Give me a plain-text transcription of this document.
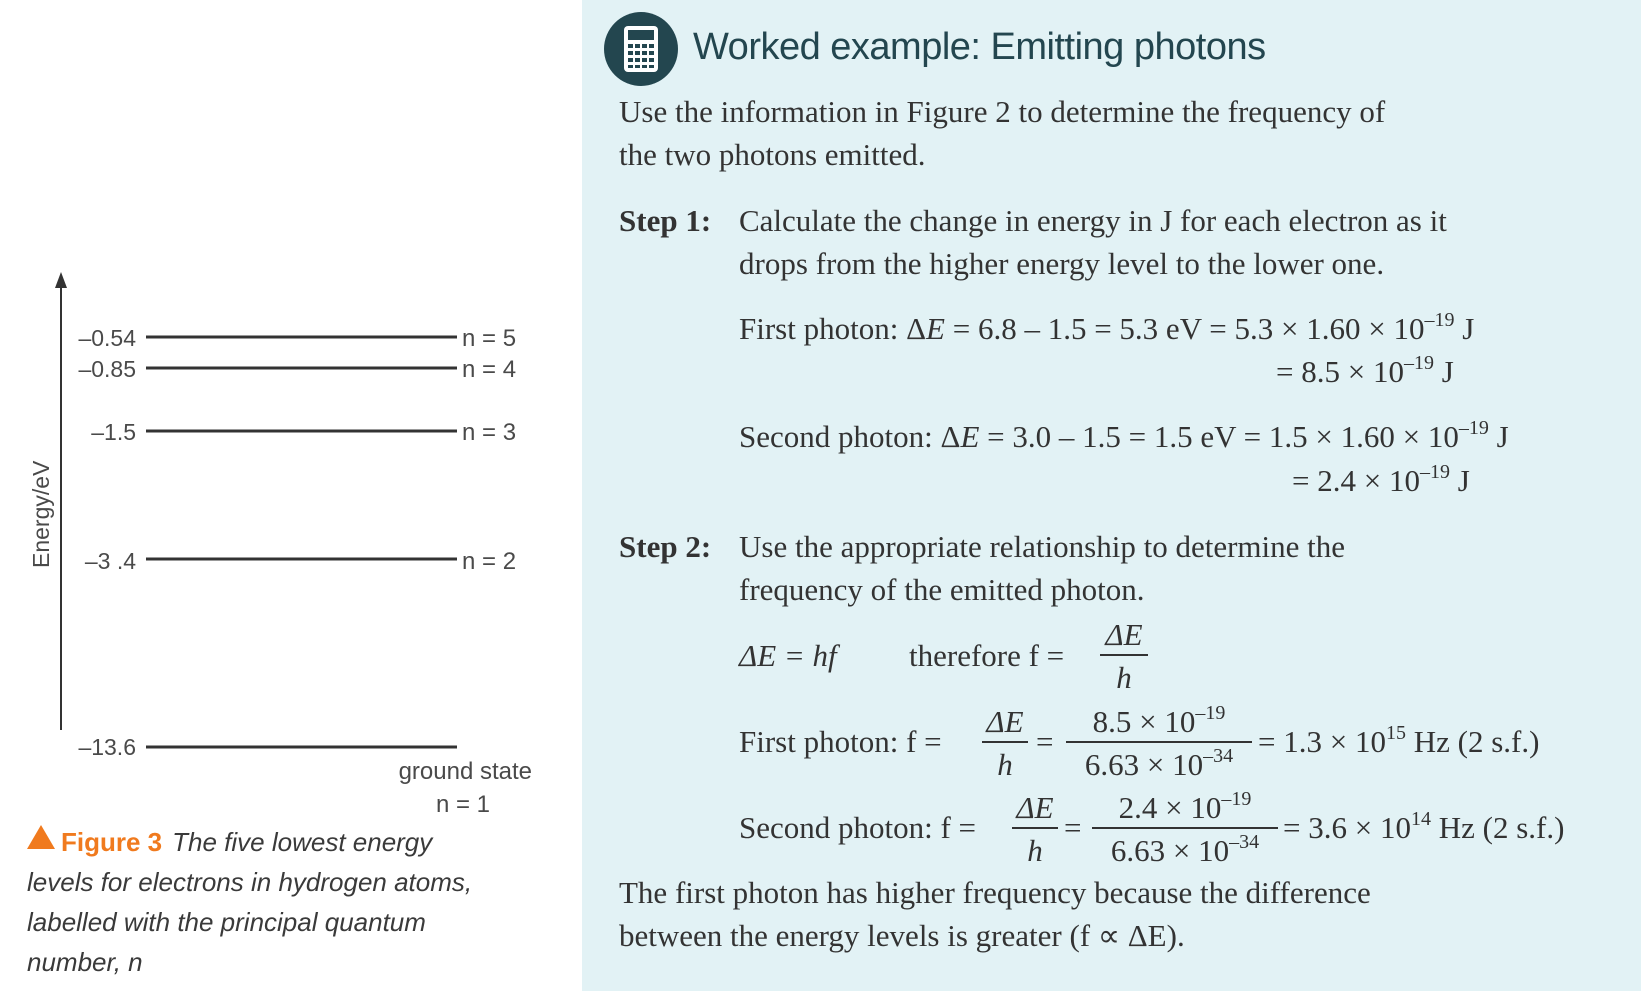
Energy/eV
–0.54	n = 5
–0.85	n = 4
–1.5	n = 3
–3 .4	n = 2
–13.6
ground state
n = 1
Figure 3 The five lowest energy
levels for electrons in hydrogen atoms,
labelled with the principal quantum
number, n
Worked example: Emitting photons
Use the information in Figure 2 to determine the frequency of
the two photons emitted.
Step 1: Calculate the change in energy in J for each electron as it
drops from the higher energy level to the lower one.
First photon: ΔE = 6.8 – 1.5 = 5.3 eV = $5.3 \times 1.60 \times 10^{-19}$ J
= $8.5 \times 10^{-19}$ J
Second photon: ΔE = 3.0 – 1.5 = 1.5 eV = $1.5 \times 1.60 \times 10^{-19}$ J
= $2.4 \times 10^{-19}$ J
Step 2: Use the appropriate relationship to determine the
frequency of the emitted photon.
ΔE = hf therefore f =
ΔE
h
First photon: f =
ΔE
h
=
$8.5 \times 10^{-19}$
$6.63 \times 10^{-34} = 1.3 \times 10^{15}$ Hz (2 s.f.)
Second photon: f =
ΔE
h
=
$2.4 \times 10^{-19}$
$6.63 \times 10^{-34} = 3.6 \times 10^{14}$ Hz (2 s.f.)
The first photon has higher frequency because the difference
between the energy levels is greater (f ∝ ΔE).
